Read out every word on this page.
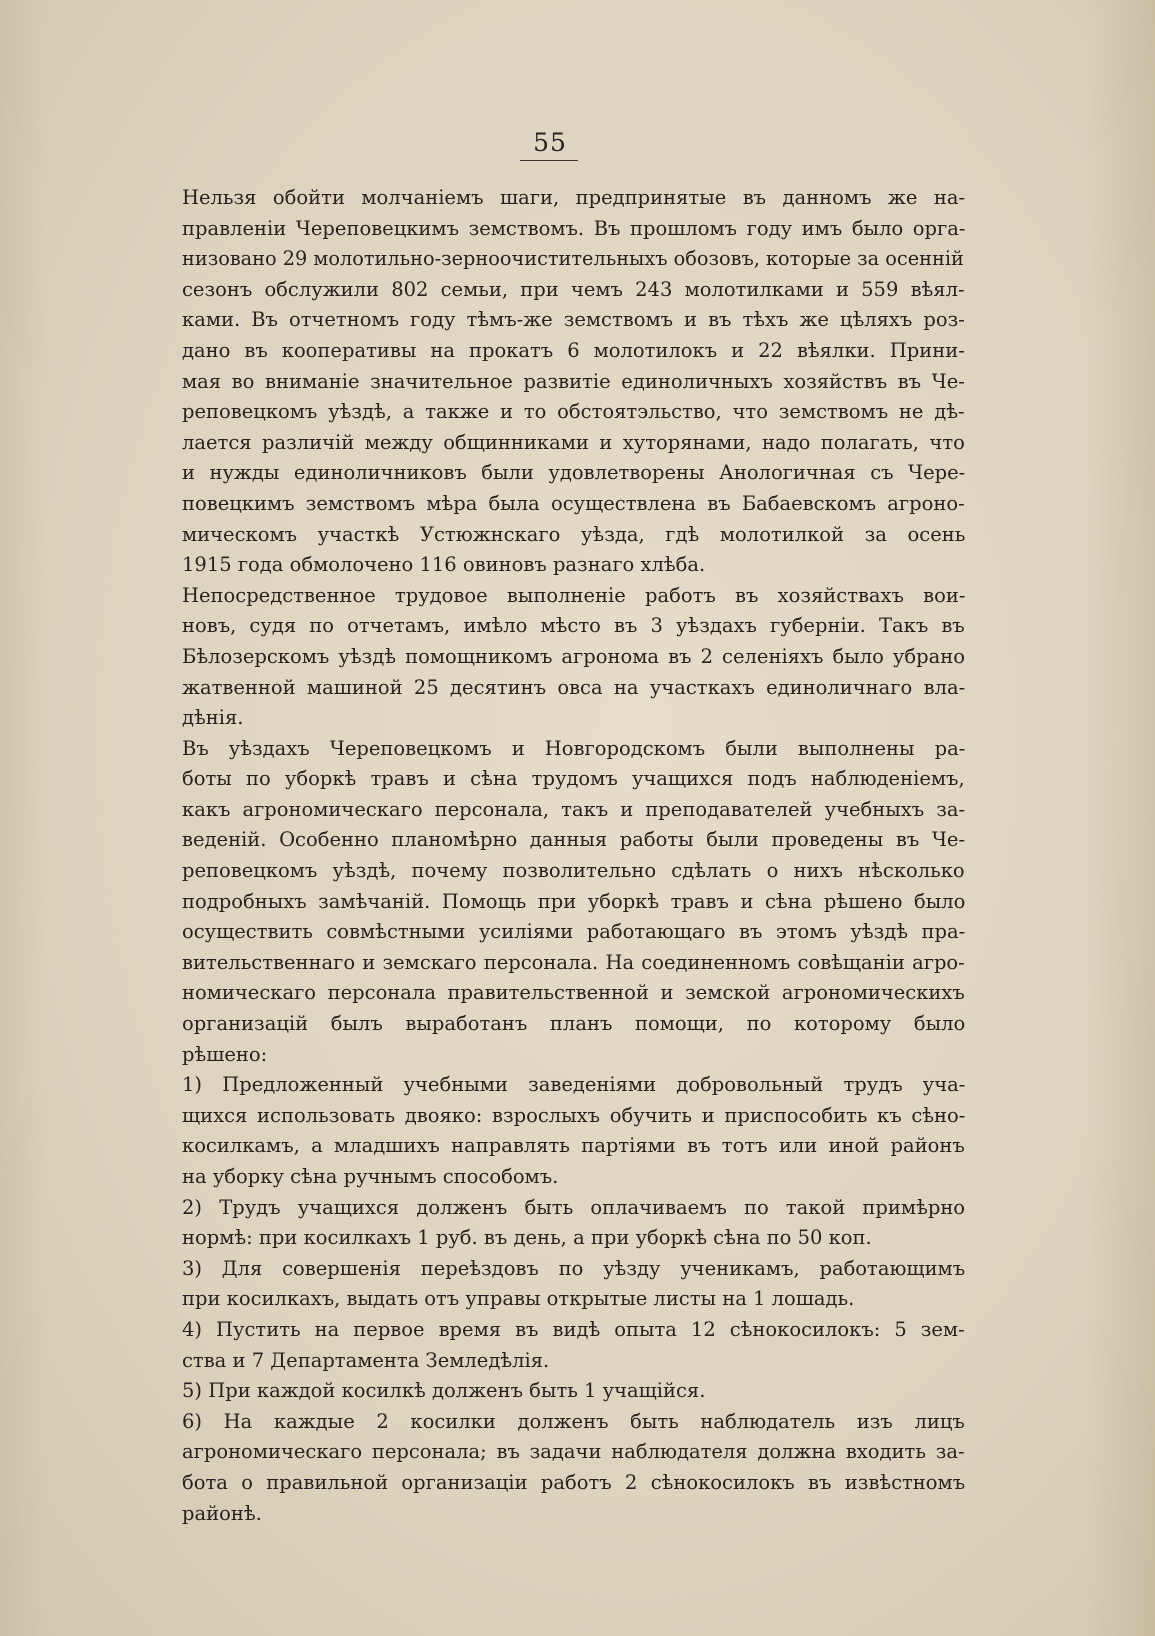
55

Нельзя обойти молчанiемъ шаги, предпринятые въ данномъ же на-
правленiи Череповецкимъ земствомъ. Въ прошломъ году имъ было орга-
низовано 29 молотильно-зерноочистительныхъ обозовъ, которые за осеннiй
сезонъ обслужили 802 семьи, при чемъ 243 молотилками и 559 вѣял-
ками. Въ отчетномъ году тѣмъ-же земствомъ и въ тѣхъ же цѣляхъ роз-
дано въ кооперативы на прокатъ 6 молотилокъ и 22 вѣялки. Прини-
мая во вниманiе значительное развитiе единоличныхъ хозяйствъ въ Че-
реповецкомъ уѣздѣ, а также и то обстоятэльство, что земствомъ не дѣ-
лается различiй между общинниками и хуторянами, надо полагать, что
и нужды единоличниковъ были удовлетворены Анологичная съ Чере-
повецкимъ земствомъ мѣра была осуществлена въ Бабаевскомъ агроно-
мическомъ участкѣ Устюжнскаго уѣзда, гдѣ молотилкой за осень
1915 года обмолочено 116 овиновъ разнаго хлѣба.

Непосредственное трудовое выполненiе работъ въ хозяйствахъ вои-
новъ, судя по отчетамъ, имѣло мѣсто въ 3 уѣздахъ губернiи. Такъ въ
Бѣлозерскомъ уѣздѣ помощникомъ агронома въ 2 селенiяхъ было убрано
жатвенной машиной 25 десятинъ овса на участкахъ единоличнаго вла-
дѣнiя.

Въ уѣздахъ Череповецкомъ и Новгородскомъ были выполнены ра-
боты по уборкѣ травъ и сѣна трудомъ учащихся подъ наблюденiемъ,
какъ агрономическаго персонала, такъ и преподавателей учебныхъ за-
веденiй. Особенно планомѣрно данныя работы были проведены въ Че-
реповецкомъ уѣздѣ, почему позволительно сдѣлать о нихъ нѣсколько
подробныхъ замѣчанiй. Помощь при уборкѣ травъ и сѣна рѣшено было
осуществить совмѣстными усилiями работающаго въ этомъ уѣздѣ пра-
вительственнаго и земскаго персонала. На соединенномъ совѣщанiи агро-
номическаго персонала правительственной и земской агрономическихъ
организацiй былъ выработанъ планъ помощи, по которому было
рѣшено:

1) Предложенный учебными заведенiями добровольный трудъ уча-
щихся использовать двояко: взрослыхъ обучить и приспособить къ сѣно-
косилкамъ, а младшихъ направлять партiями въ тотъ или иной районъ
на уборку сѣна ручнымъ способомъ.

2) Трудъ учащихся долженъ быть оплачиваемъ по такой примѣрно
нормѣ: при косилкахъ 1 руб. въ день, а при уборкѣ сѣна по 50 коп.

3) Для совершенiя переѣздовъ по уѣзду ученикамъ, работающимъ
при косилкахъ, выдать отъ управы открытые листы на 1 лошадь.

4) Пустить на первое время въ видѣ опыта 12 сѣнокосилокъ: 5 зем-
ства и 7 Департамента Земледѣлiя.

5) При каждой косилкѣ долженъ быть 1 учащiйся.

6) На каждые 2 косилки долженъ быть наблюдатель изъ лицъ
агрономическаго персонала; въ задачи наблюдателя должна входить за-
бота о правильной организацiи работъ 2 сѣнокосилокъ въ извѣстномъ
районѣ.
